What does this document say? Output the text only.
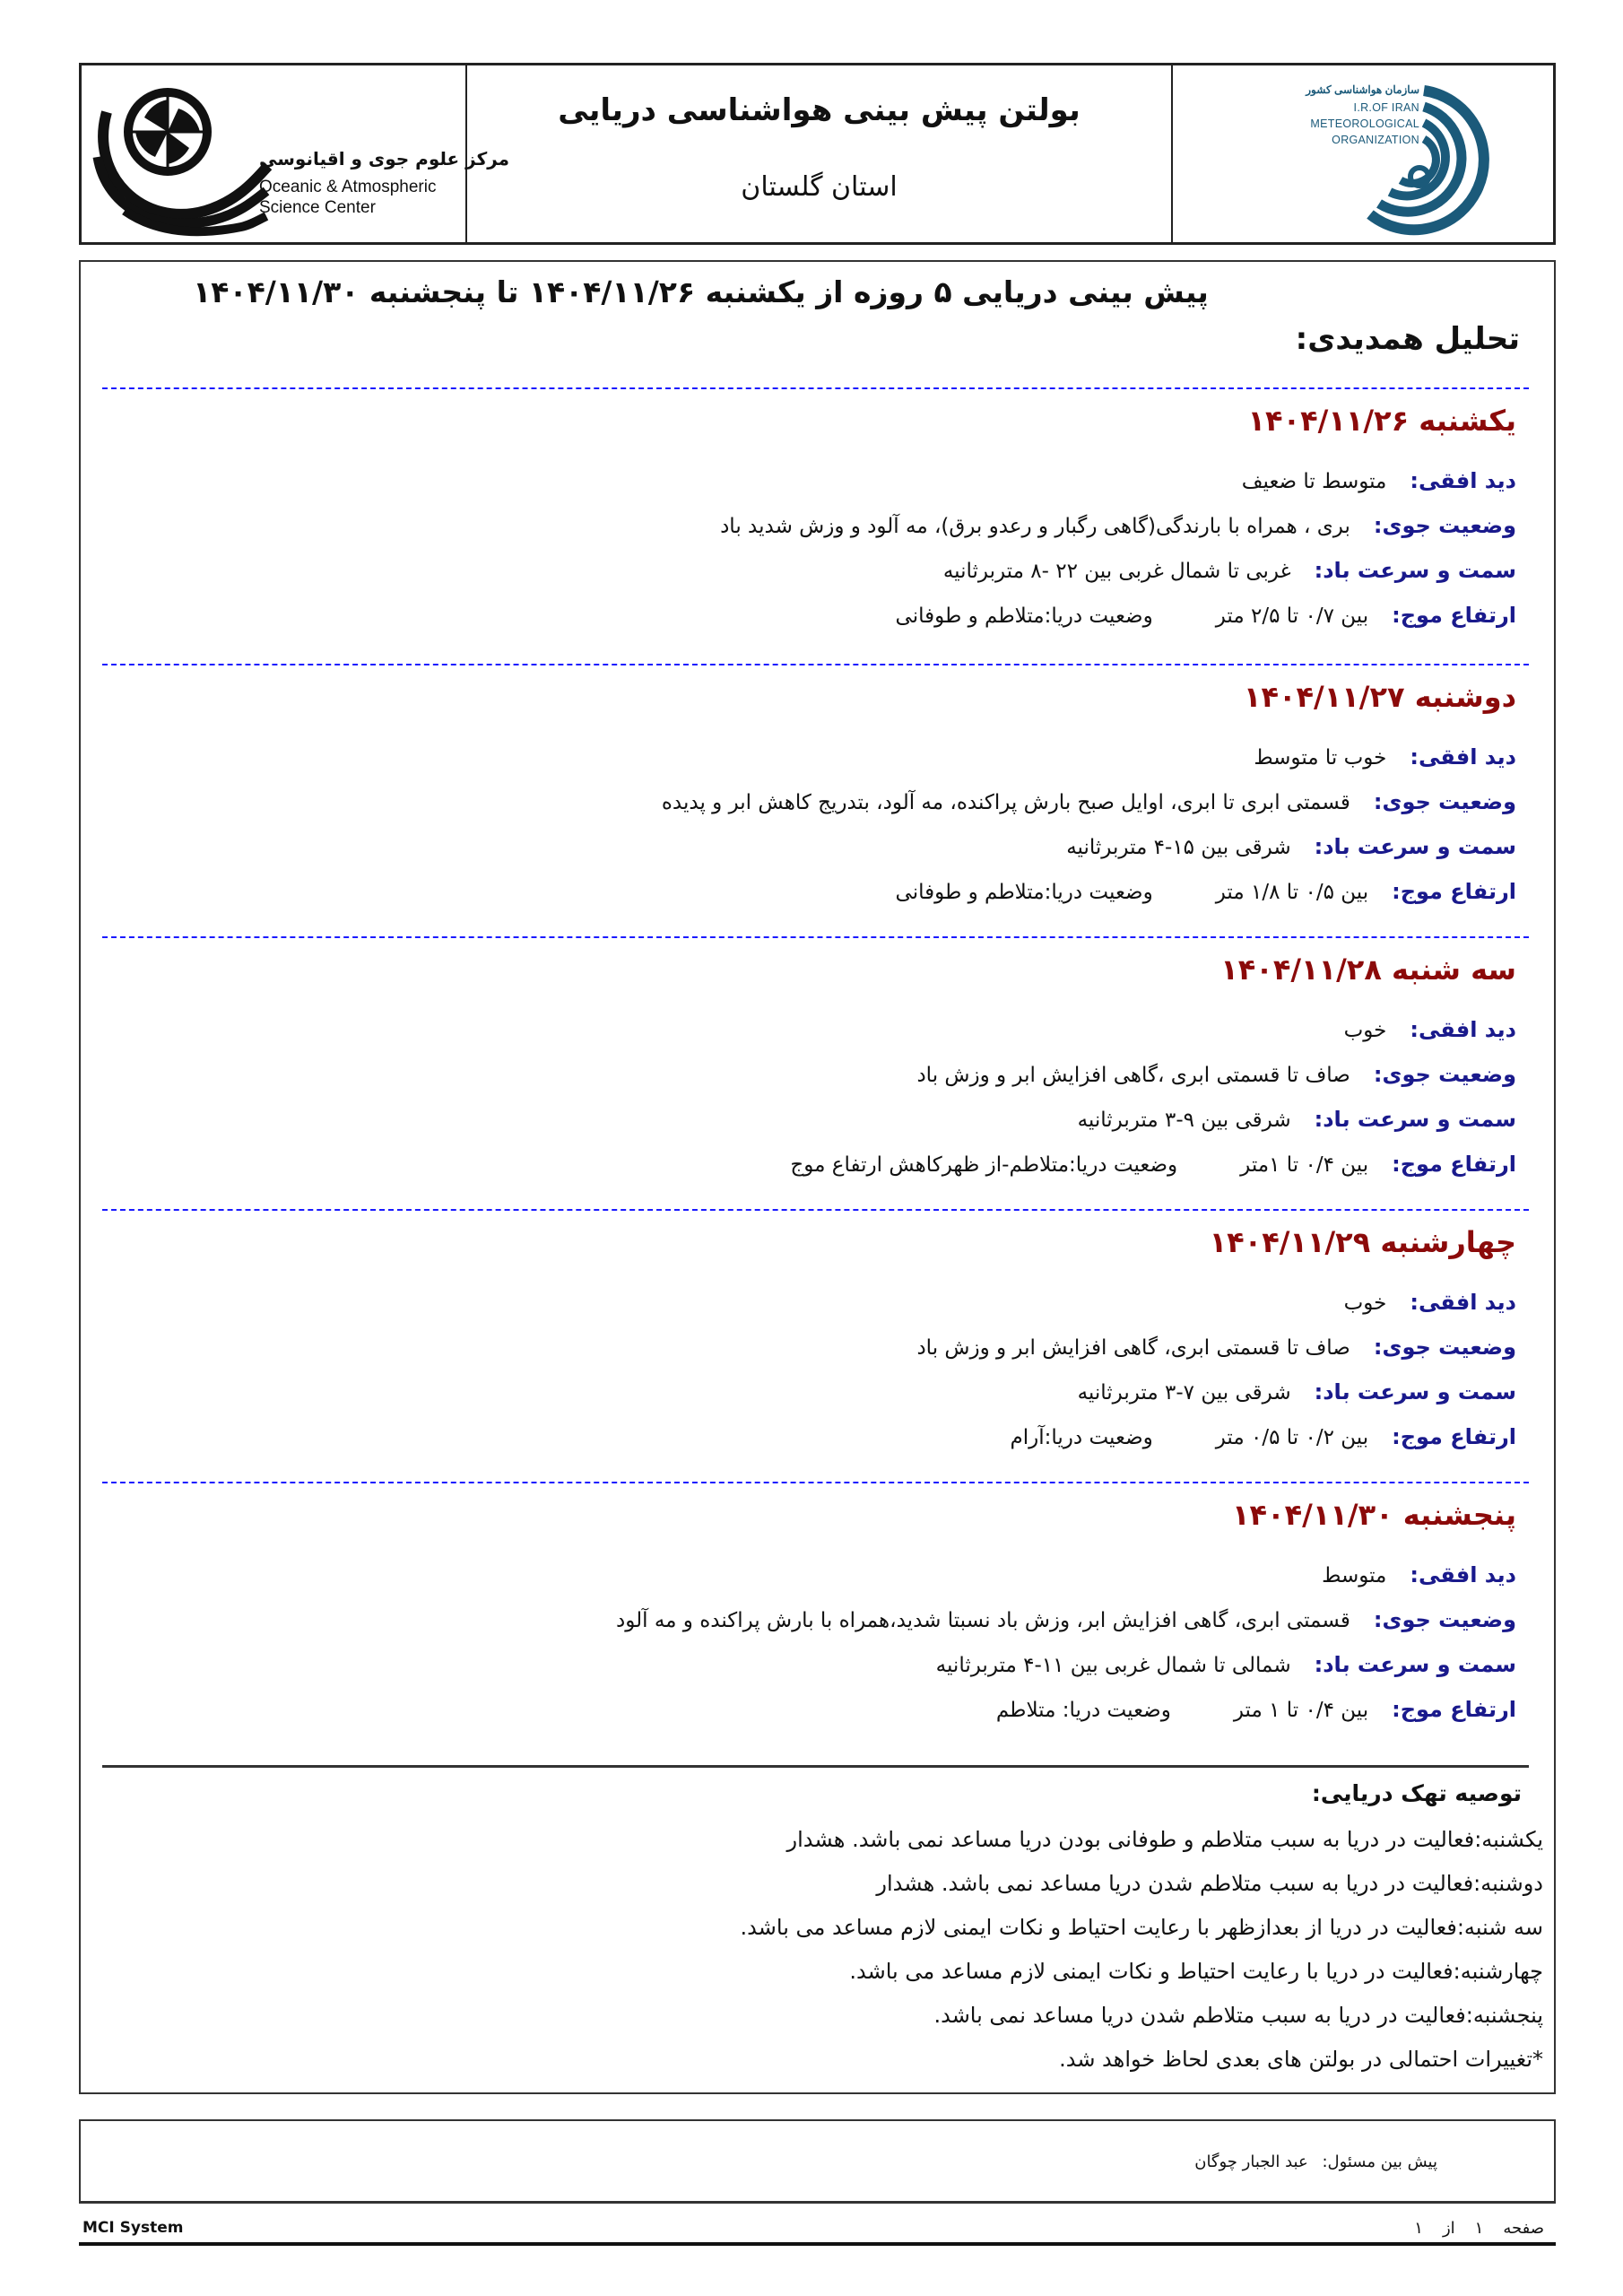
مرکز علوم جوی و اقیانوسی
Oceanic & Atmospheric
Science Center
بولتن پیش بینی هواشناسی دریایی
استان گلستان
سازمان هواشناسی کشور
I.R.OF IRAN
METEOROLOGICAL
ORGANIZATION
پیش بینی دریایی ۵ روزه از یکشنبه ۱۴۰۴/۱۱/۲۶ تا پنجشنبه ۱۴۰۴/۱۱/۳۰
تحلیل همدیدی:
یکشنبه ۱۴۰۴/۱۱/۲۶
دید افقی:متوسط تا ضعیف
وضعیت جوی:بری ، همراه با بارندگی(گاهی رگبار و رعدو برق)، مه آلود و وزش شدید باد
سمت و سرعت باد:غربی تا شمال غربی بین ۲۲ -۸ متربرثانیه
ارتفاع موج:بین ۰/۷ تا ۲/۵ متروضعیت دریا:متلاطم و طوفانی
دوشنبه ۱۴۰۴/۱۱/۲۷
دید افقی:خوب تا متوسط
وضعیت جوی:قسمتی ابری تا ابری، اوایل صبح بارش پراکنده، مه آلود، بتدریج کاهش ابر و پدیده
سمت و سرعت باد:شرقی بین ۱۵-۴ متربرثانیه
ارتفاع موج:بین ۰/۵ تا ۱/۸ متروضعیت دریا:متلاطم و طوفانی
سه شنبه ۱۴۰۴/۱۱/۲۸
دید افقی:خوب
وضعیت جوی:صاف تا قسمتی ابری ،گاهی افزایش ابر و وزش باد
سمت و سرعت باد:شرقی بین ۹-۳ متربرثانیه
ارتفاع موج:بین ۰/۴ تا ۱متروضعیت دریا:متلاطم-از ظهرکاهش ارتفاع موج
چهارشنبه ۱۴۰۴/۱۱/۲۹
دید افقی:خوب
وضعیت جوی:صاف تا قسمتی ابری، گاهی افزایش ابر و وزش باد
سمت و سرعت باد:شرقی بین ۷-۳ متربرثانیه
ارتفاع موج:بین ۰/۲ تا ۰/۵ متروضعیت دریا:آرام
پنجشنبه ۱۴۰۴/۱۱/۳۰
دید افقی:متوسط
وضعیت جوی:قسمتی ابری، گاهی افزایش ابر، وزش باد نسبتا شدید،همراه با بارش پراکنده و مه آلود
سمت و سرعت باد:شمالی تا شمال غربی بین ۱۱-۴ متربرثانیه
ارتفاع موج:بین ۰/۴ تا ۱ متروضعیت دریا: متلاطم
توصیه تهک دریایی:
یکشنبه:فعالیت در دریا به سبب متلاطم و طوفانی بودن دریا مساعد نمی باشد. هشدار
دوشنبه:فعالیت در دریا به سبب متلاطم شدن دریا مساعد نمی باشد. هشدار
سه شنبه:فعالیت در دریا از بعدازظهر با رعایت احتیاط و نکات ایمنی لازم مساعد می باشد.
چهارشنبه:فعالیت در دریا با رعایت احتیاط و نکات ایمنی لازم مساعد می باشد.
پنجشنبه:فعالیت در دریا به سبب متلاطم شدن دریا مساعد نمی باشد.
*تغییرات احتمالی در بولتن های بعدی لحاظ خواهد شد.
پیش بین مسئول: عبد الجبار چوگان
MCI System	صفحه۱از۱
